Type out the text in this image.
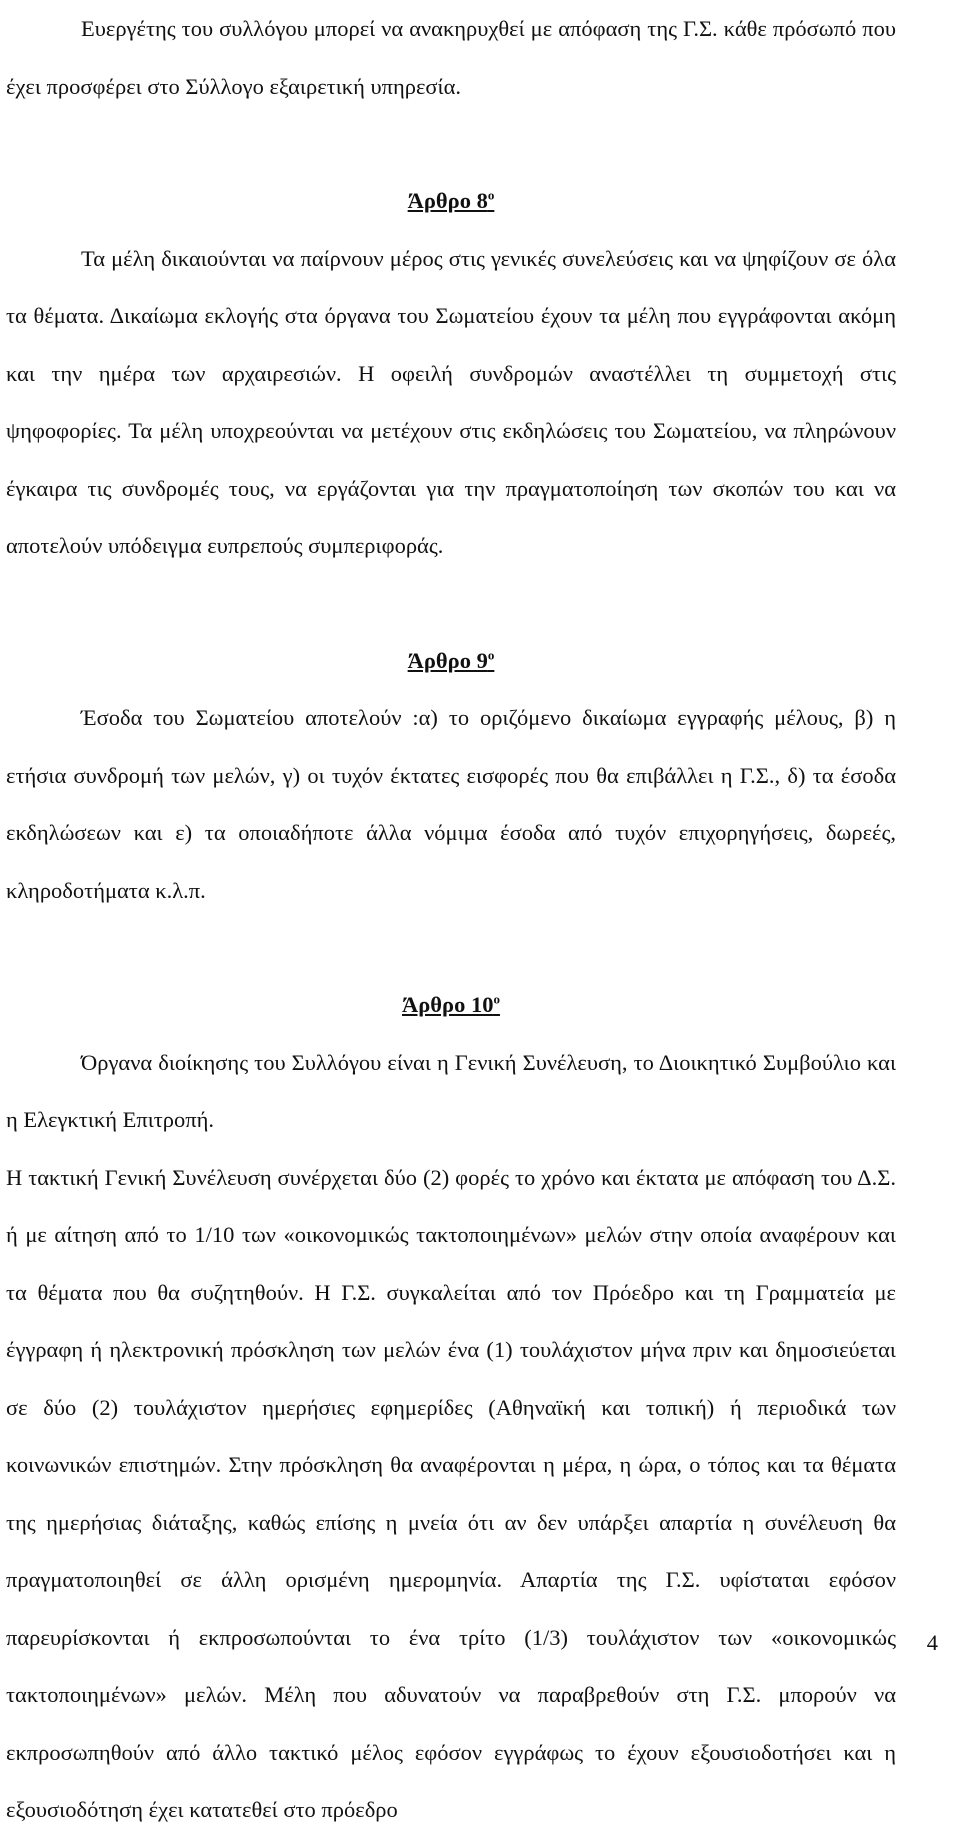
Ευεργέτης του συλλόγου μπορεί να ανακηρυχθεί με απόφαση της Γ.Σ. κάθε πρόσωπό που έχει προσφέρει στο Σύλλογο εξαιρετική υπηρεσία.

Άρθρο $8^o$

Τα μέλη δικαιούνται να παίρνουν μέρος στις γενικές συνελεύσεις και να ψηφίζουν σε όλα τα θέματα. Δικαίωμα εκλογής στα όργανα του Σωματείου έχουν τα μέλη που εγγράφονται ακόμη και την ημέρα των αρχαιρεσιών. Η οφειλή συνδρομών αναστέλλει τη συμμετοχή στις ψηφοφορίες. Τα μέλη υποχρεούνται να μετέχουν στις εκδηλώσεις του Σωματείου, να πληρώνουν έγκαιρα τις συνδρομές τους, να εργάζονται για την πραγματοποίηση των σκοπών του και να αποτελούν υπόδειγμα ευπρεπούς συμπεριφοράς.

Άρθρο $9^o$

Έσοδα του Σωματείου αποτελούν :α) το οριζόμενο δικαίωμα εγγραφής μέλους, β) η ετήσια συνδρομή των μελών, γ) οι τυχόν έκτατες εισφορές που θα επιβάλλει η Γ.Σ., δ) τα έσοδα εκδηλώσεων και ε) τα οποιαδήποτε άλλα νόμιμα έσοδα από τυχόν επιχορηγήσεις, δωρεές, κληροδοτήματα κ.λ.π.

Άρθρο $10^o$

Όργανα διοίκησης του Συλλόγου είναι η Γενική Συνέλευση, το Διοικητικό Συμβούλιο και η Ελεγκτική Επιτροπή.

Η τακτική Γενική Συνέλευση συνέρχεται δύο (2) φορές το χρόνο και έκτατα με απόφαση του Δ.Σ. ή με αίτηση από το 1/10 των «οικονομικώς τακτοποιημένων» μελών στην οποία αναφέρουν και τα θέματα που θα συζητηθούν. Η Γ.Σ. συγκαλείται από τον Πρόεδρο και τη Γραμματεία με έγγραφη ή ηλεκτρονική πρόσκληση των μελών ένα (1) τουλάχιστον μήνα πριν και δημοσιεύεται σε δύο (2) τουλάχιστον ημερήσιες εφημερίδες (Αθηναϊκή και τοπική) ή περιοδικά των κοινωνικών επιστημών. Στην πρόσκληση θα αναφέρονται η μέρα, η ώρα, ο τόπος και τα θέματα της ημερήσιας διάταξης, καθώς επίσης η μνεία ότι αν δεν υπάρξει απαρτία η συνέλευση θα πραγματοποιηθεί σε άλλη ορισμένη ημερομηνία. Απαρτία της Γ.Σ. υφίσταται εφόσον παρευρίσκονται ή εκπροσωπούνται το ένα τρίτο (1/3) τουλάχιστον των «οικονομικώς τακτοποιημένων» μελών. Μέλη που αδυνατούν να παραβρεθούν στη Γ.Σ. μπορούν να εκπροσωπηθούν από άλλο τακτικό μέλος εφόσον εγγράφως το έχουν εξουσιοδοτήσει και η εξουσιοδότηση έχει κατατεθεί στο πρόεδρο

4
